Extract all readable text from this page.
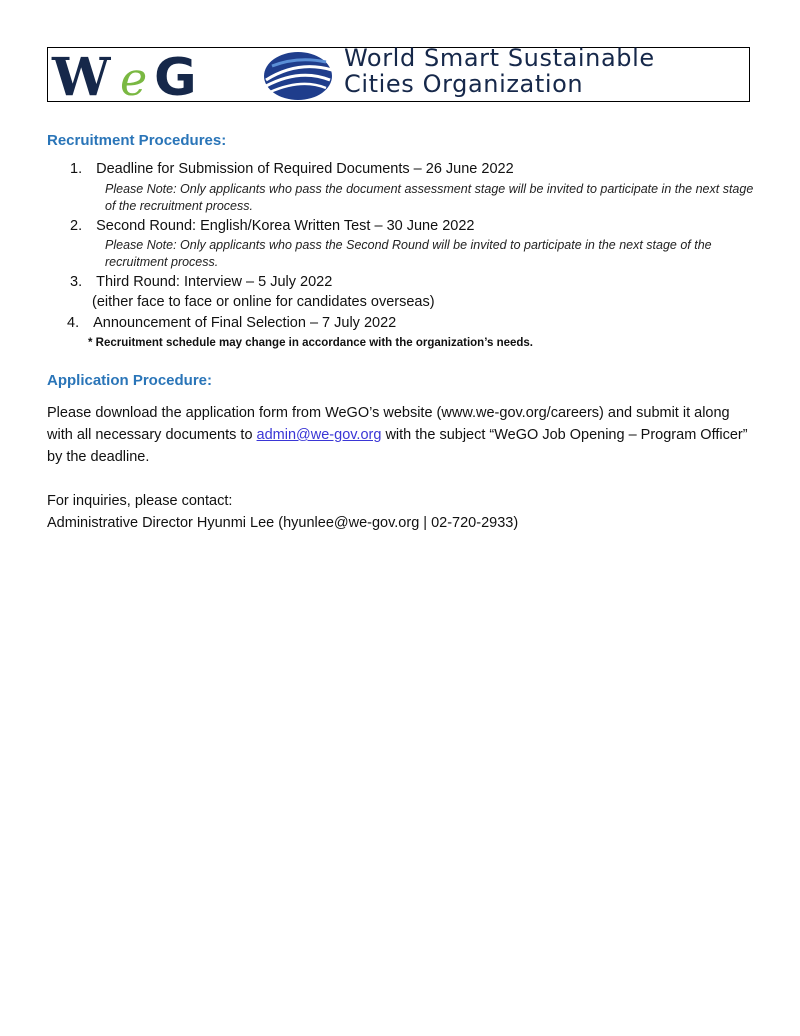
W e G	World Smart Sustainable
Cities Organization
Recruitment Procedures:
1. Deadline for Submission of Required Documents – 26 June 2022
Please Note: Only applicants who pass the document assessment stage will be invited to participate in the next stage of the recruitment process.
2. Second Round: English/Korea Written Test – 30 June 2022
Please Note: Only applicants who pass the Second Round will be invited to participate in the next stage of the recruitment process.
3. Third Round: Interview – 5 July 2022
(either face to face or online for candidates overseas)
4. Announcement of Final Selection – 7 July 2022
* Recruitment schedule may change in accordance with the organization’s needs.
Application Procedure:
Please download the application form from WeGO’s website (www.we-gov.org/careers) and submit it along with all necessary documents to admin@we-gov.org with the subject “WeGO Job Opening – Program Officer” by the deadline.
For inquiries, please contact:
Administrative Director Hyunmi Lee (hyunlee@we-gov.org | 02-720-2933)
